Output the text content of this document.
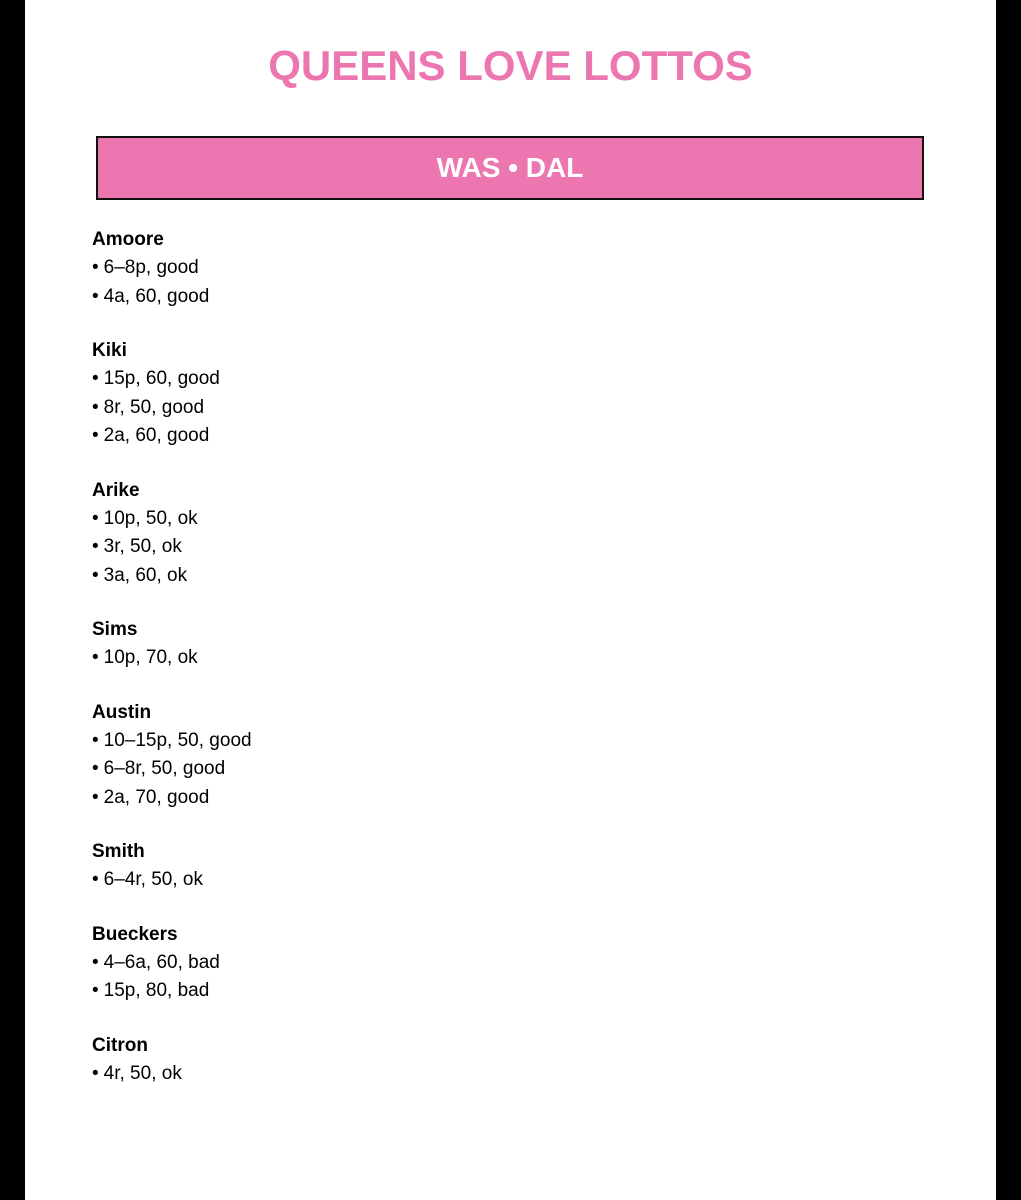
QUEENS LOVE LOTTOS
WAS • DAL
Amoore
• 6–8p, good
• 4a, 60, good
Kiki
• 15p, 60, good
• 8r, 50, good
• 2a, 60, good
Arike
• 10p, 50, ok
• 3r, 50, ok
• 3a, 60, ok
Sims
• 10p, 70, ok
Austin
• 10–15p, 50, good
• 6–8r, 50, good
• 2a, 70, good
Smith
• 6–4r, 50, ok
Bueckers
• 4–6a, 60, bad
• 15p, 80, bad
Citron
• 4r, 50, ok
